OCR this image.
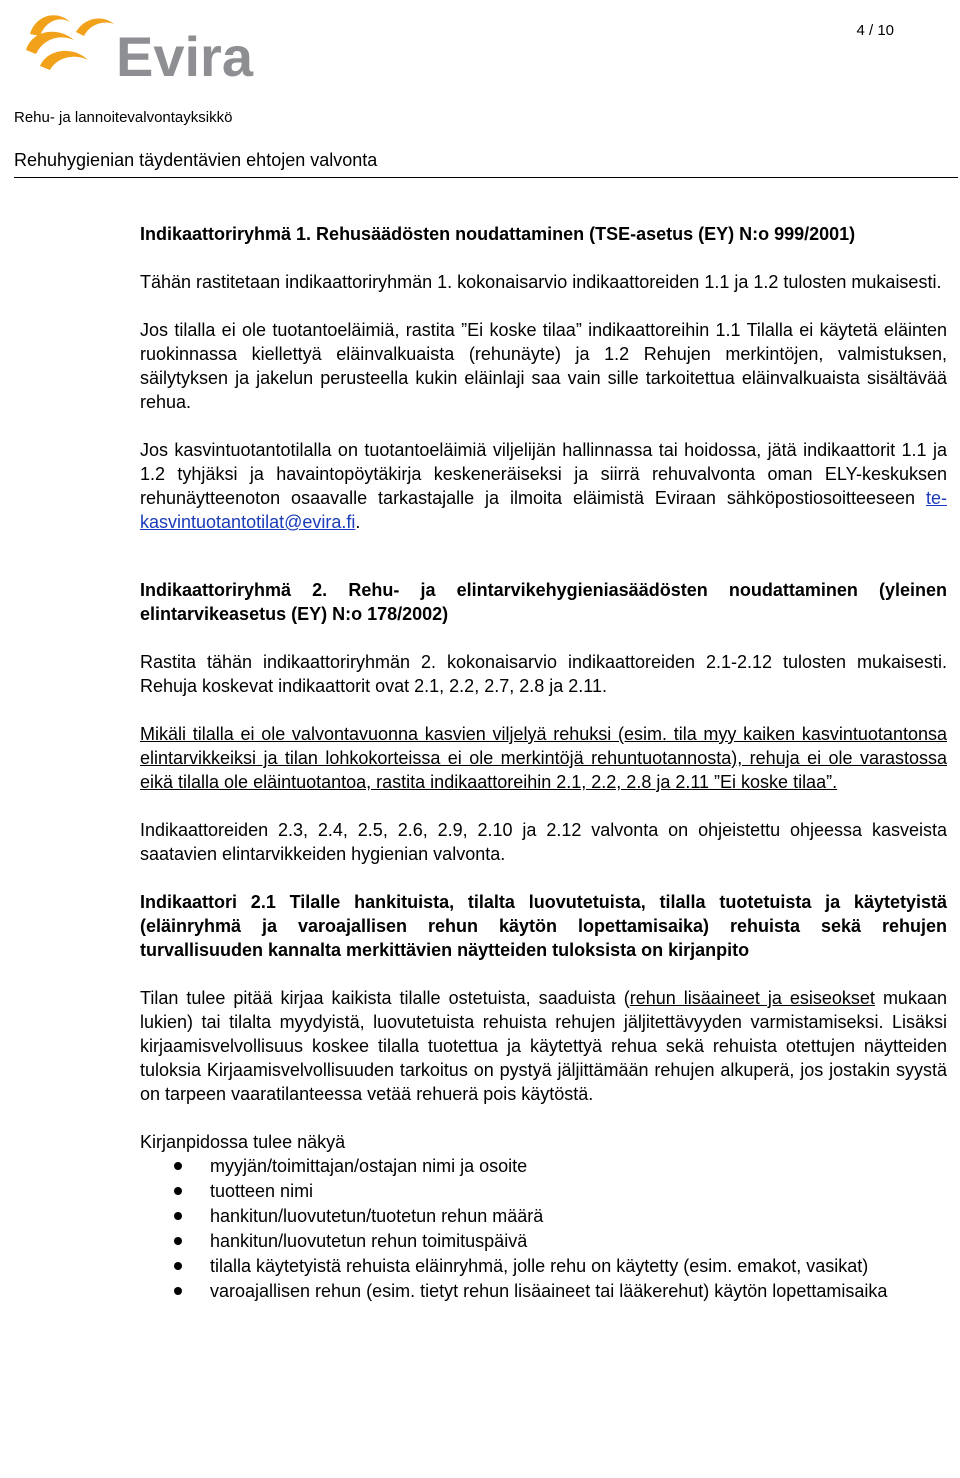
Evira	4 / 10
Rehu- ja lannoitevalvontayksikkö
Rehuhygienian täydentävien ehtojen valvonta

Indikaattoriryhmä 1. Rehusäädösten noudattaminen (TSE-asetus (EY) N:o 999/2001)

Tähän rastitetaan indikaattoriryhmän 1. kokonaisarvio indikaattoreiden 1.1 ja 1.2 tulosten mukaisesti.

Jos tilalla ei ole tuotantoeläimiä, rastita ”Ei koske tilaa” indikaattoreihin 1.1 Tilalla ei käytetä eläinten ruokinnassa kiellettyä eläinvalkuaista (rehunäyte) ja 1.2 Rehujen merkintöjen, valmistuksen, säilytyksen ja jakelun perusteella kukin eläinlaji saa vain sille tarkoitettua eläinvalkuaista sisältävää rehua.

Jos kasvintuotantotilalla on tuotantoeläimiä viljelijän hallinnassa tai hoidossa, jätä indikaattorit 1.1 ja 1.2 tyhjäksi ja havaintopöytäkirja keskeneräiseksi ja siirrä rehuvalvonta oman ELY-keskuksen rehunäytteenoton osaavalle tarkastajalle ja ilmoita eläimistä Eviraan sähköpostiosoitteeseen te-kasvintuotantotilat@evira.fi.

Indikaattoriryhmä 2. Rehu- ja elintarvikehygieniasäädösten noudattaminen (yleinen elintarvikeasetus (EY) N:o 178/2002)

Rastita tähän indikaattoriryhmän 2. kokonaisarvio indikaattoreiden 2.1-2.12 tulosten mukaisesti. Rehuja koskevat indikaattorit ovat 2.1, 2.2, 2.7, 2.8 ja 2.11.

Mikäli tilalla ei ole valvontavuonna kasvien viljelyä rehuksi (esim. tila myy kaiken kasvintuotantonsa elintarvikkeiksi ja tilan lohkokorteissa ei ole merkintöjä rehuntuotannosta), rehuja ei ole varastossa eikä tilalla ole eläintuotantoa, rastita indikaattoreihin 2.1, 2.2, 2.8 ja 2.11 ”Ei koske tilaa”.

Indikaattoreiden 2.3, 2.4, 2.5, 2.6, 2.9, 2.10 ja 2.12 valvonta on ohjeistettu ohjeessa kasveista saatavien elintarvikkeiden hygienian valvonta.

Indikaattori 2.1 Tilalle hankituista, tilalta luovutetuista, tilalla tuotetuista ja käytetyistä (eläinryhmä ja varoajallisen rehun käytön lopettamisaika) rehuista sekä rehujen turvallisuuden kannalta merkittävien näytteiden tuloksista on kirjanpito

Tilan tulee pitää kirjaa kaikista tilalle ostetuista, saaduista (rehun lisäaineet ja esiseokset mukaan lukien) tai tilalta myydyistä, luovutetuista rehuista rehujen jäljitettävyyden varmistamiseksi. Lisäksi kirjaamisvelvollisuus koskee tilalla tuotettua ja käytettyä rehua sekä rehuista otettujen näytteiden tuloksia Kirjaamisvelvollisuuden tarkoitus on pystyä jäljittämään rehujen alkuperä, jos jostakin syystä on tarpeen vaaratilanteessa vetää rehuerä pois käytöstä.

Kirjanpidossa tulee näkyä

myyjän/toimittajan/ostajan nimi ja osoite
tuotteen nimi
hankitun/luovutetun/tuotetun rehun määrä
hankitun/luovutetun rehun toimituspäivä
tilalla käytetyistä rehuista eläinryhmä, jolle rehu on käytetty (esim. emakot, vasikat)
varoajallisen rehun (esim. tietyt rehun lisäaineet tai lääkerehut) käytön lopettamisaika
